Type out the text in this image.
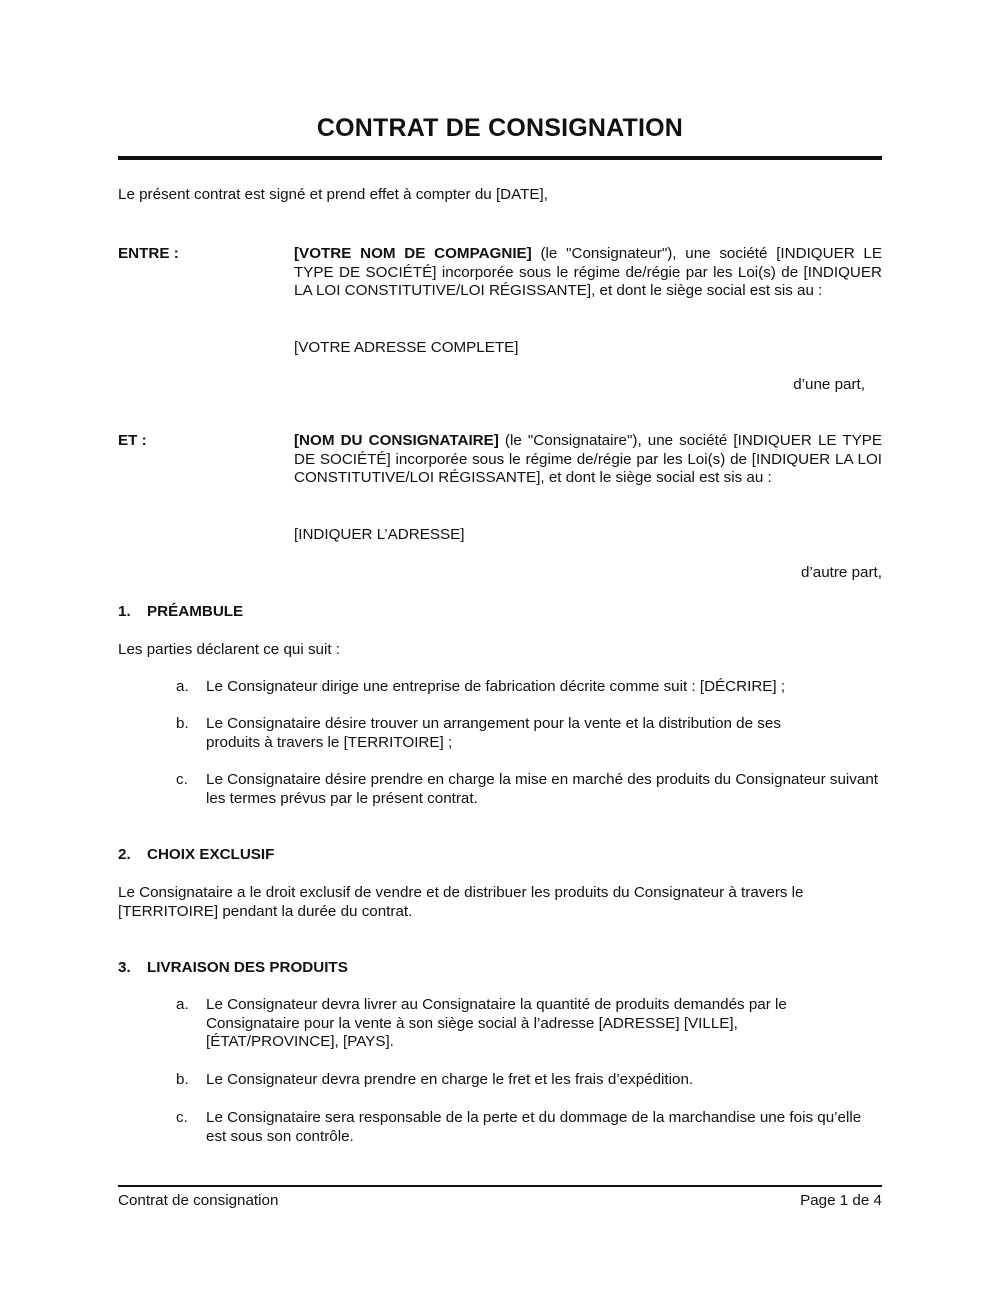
CONTRAT DE CONSIGNATION
Le présent contrat est signé et prend effet à compter du [DATE],
ENTRE :	[VOTRE NOM DE COMPAGNIE] (le "Consignateur"), une société [INDIQUER LE TYPE DE SOCIÉTÉ] incorporée sous le régime de/régie par les Loi(s) de [INDIQUER LA LOI CONSTITUTIVE/LOI RÉGISSANTE], et dont le siège social est sis au :
[VOTRE ADRESSE COMPLETE]
d’une part,
ET :	[NOM DU CONSIGNATAIRE] (le "Consignataire"), une société [INDIQUER LE TYPE DE SOCIÉTÉ] incorporée sous le régime de/régie par les Loi(s) de [INDIQUER LA LOI CONSTITUTIVE/LOI RÉGISSANTE], et dont le siège social est sis au :
[INDIQUER L’ADRESSE]
d’autre part,
1. PRÉAMBULE
Les parties déclarent ce qui suit :
a.	Le Consignateur dirige une entreprise de fabrication décrite comme suit : [DÉCRIRE] ;
b.	Le Consignataire désire trouver un arrangement pour la vente et la distribution de ses produits à travers le [TERRITOIRE] ;
c.	Le Consignataire désire prendre en charge la mise en marché des produits du Consignateur suivant les termes prévus par le présent contrat.
2. CHOIX EXCLUSIF
Le Consignataire a le droit exclusif de vendre et de distribuer les produits du Consignateur à travers le [TERRITOIRE] pendant la durée du contrat.
3. LIVRAISON DES PRODUITS
a.	Le Consignateur devra livrer au Consignataire la quantité de produits demandés par le Consignataire pour la vente à son siège social à l’adresse [ADRESSE] [VILLE], [ÉTAT/PROVINCE], [PAYS].
b.	Le Consignateur devra prendre en charge le fret et les frais d’expédition.
c.	Le Consignataire sera responsable de la perte et du dommage de la marchandise une fois qu’elle est sous son contrôle.
Contrat de consignation	Page 1 de 4
